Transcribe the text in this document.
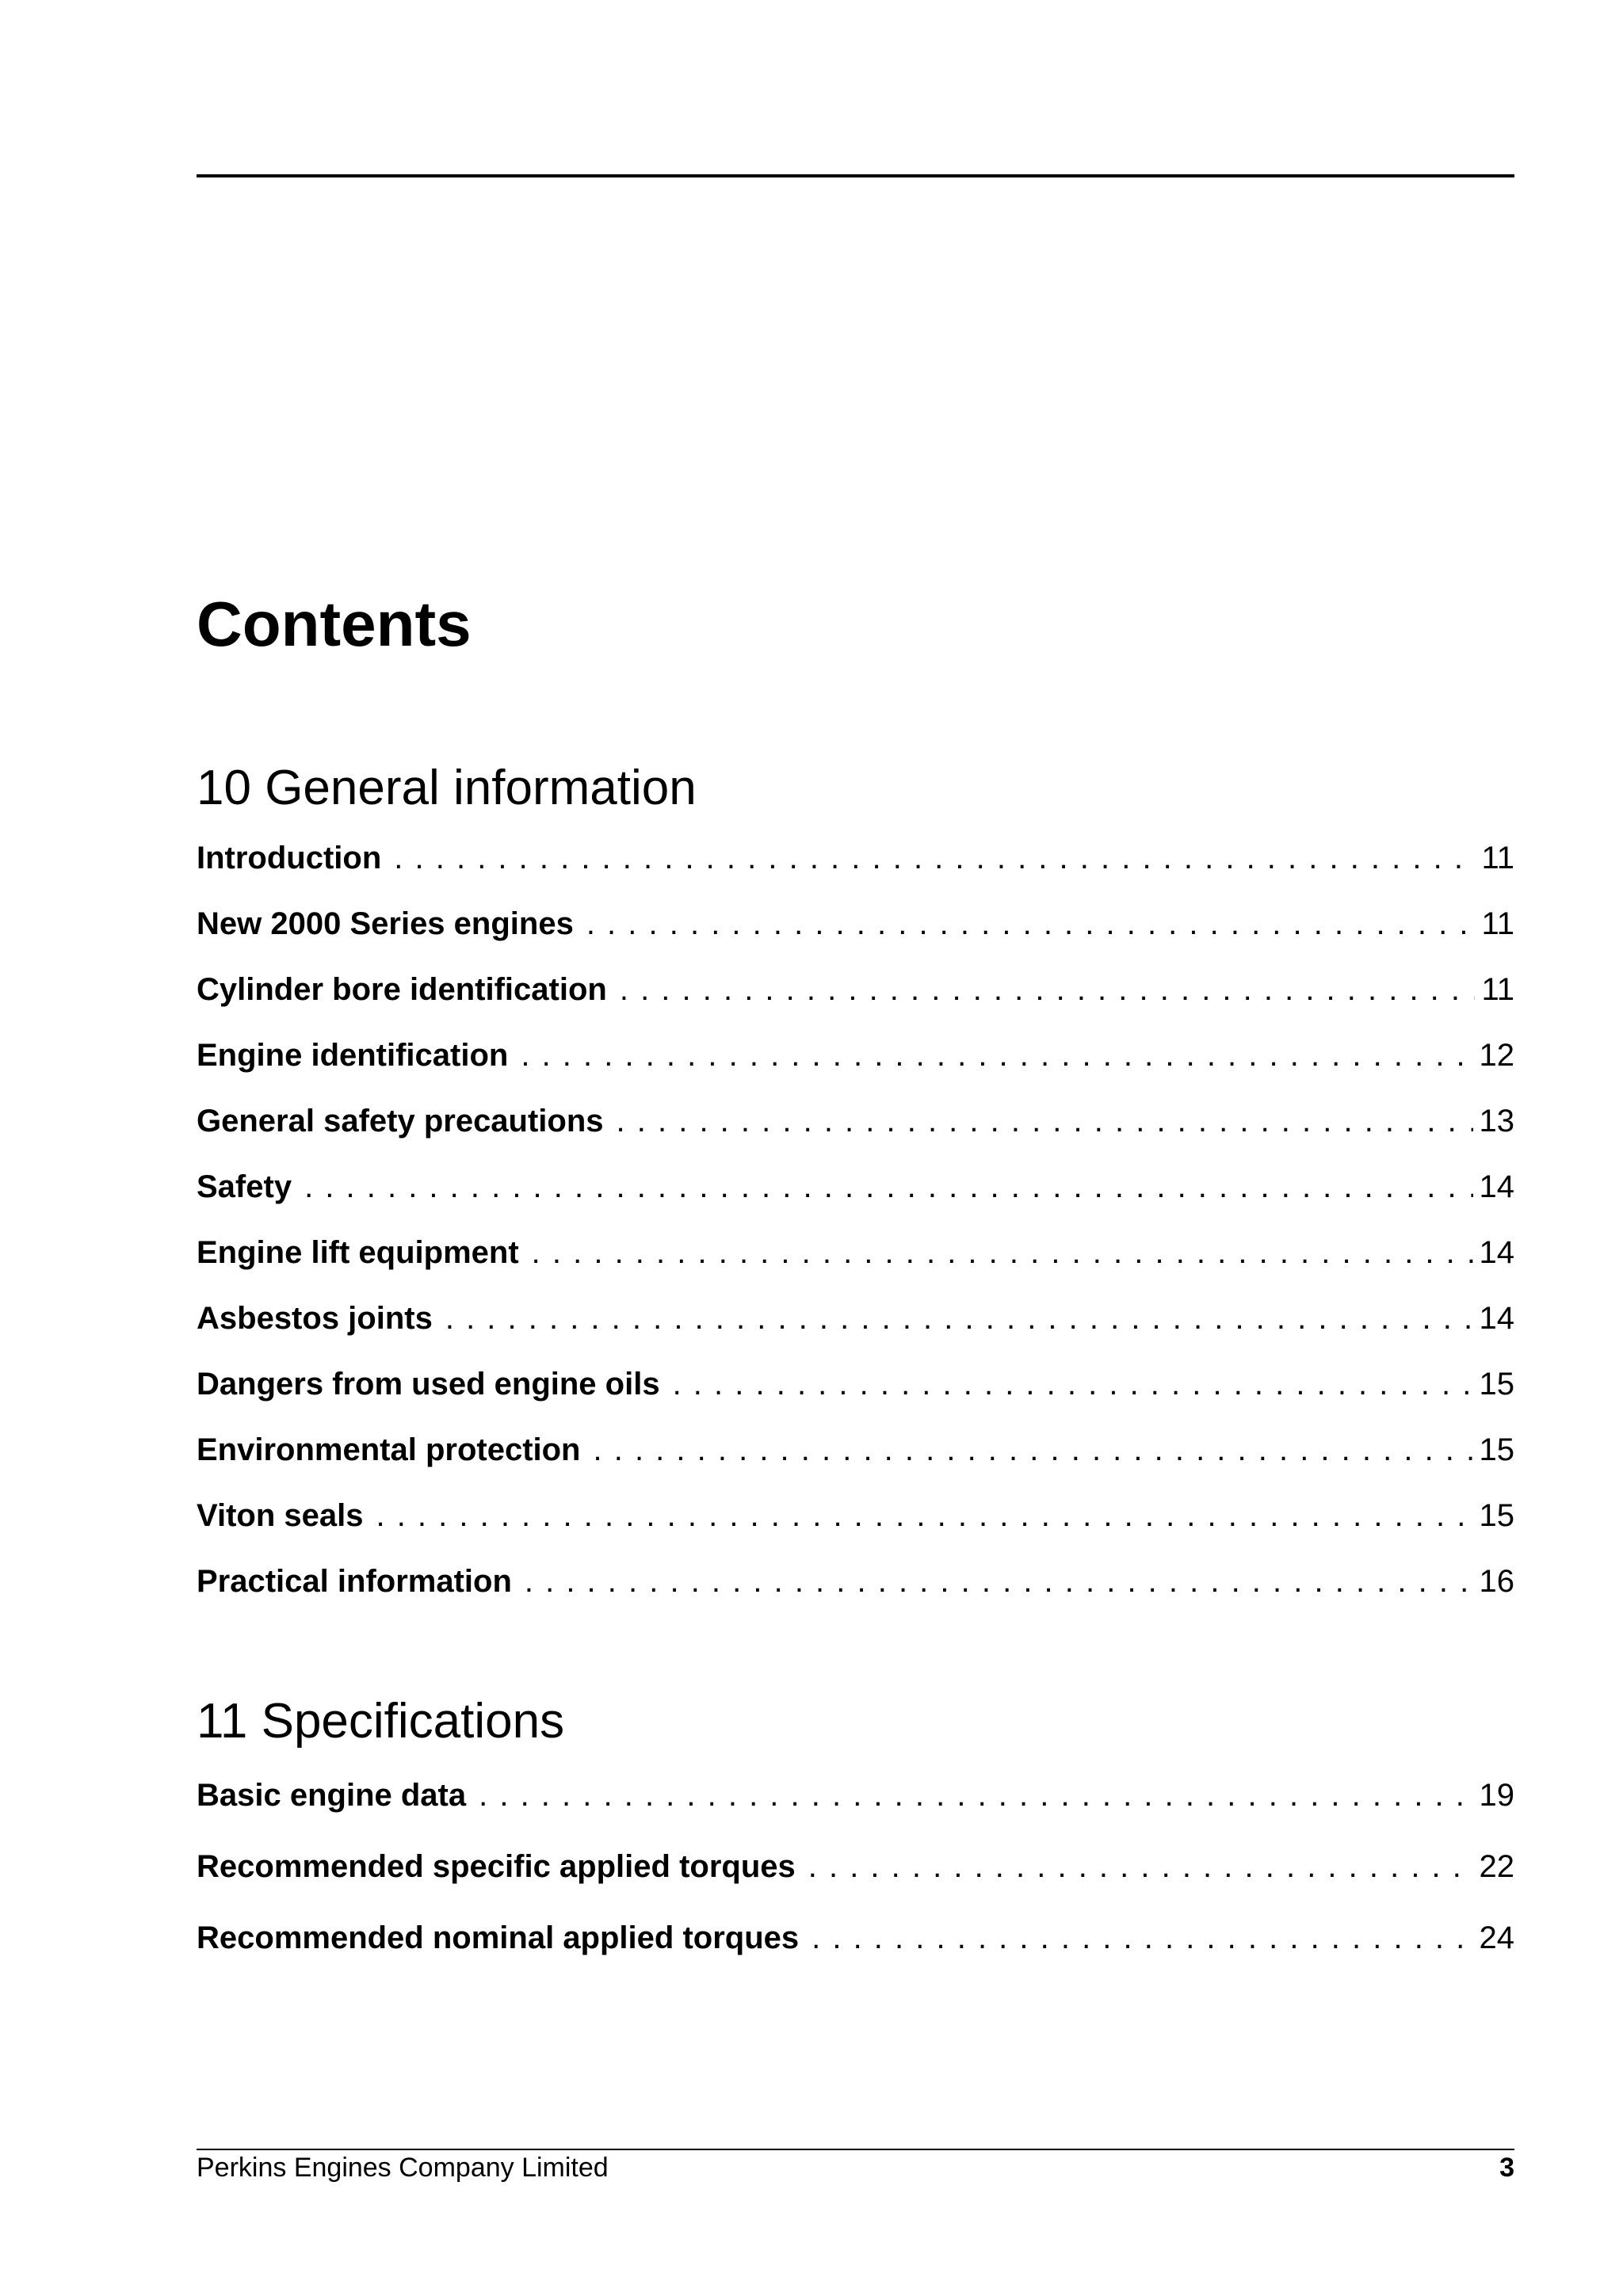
Contents
10 General information
Introduction . . .	11
New 2000 Series engines . . .	11
Cylinder bore identification . . .	11
Engine identification . . .	12
General safety precautions . . .	13
Safety . . .	14
Engine lift equipment . . .	14
Asbestos joints . . .	14
Dangers from used engine oils . . .	15
Environmental protection . . .	15
Viton seals . . .	15
Practical information . . .	16
11 Specifications
Basic engine data . . .	19
Recommended specific applied torques . . .	22
Recommended nominal applied torques . . .	24
Perkins Engines Company Limited	3
